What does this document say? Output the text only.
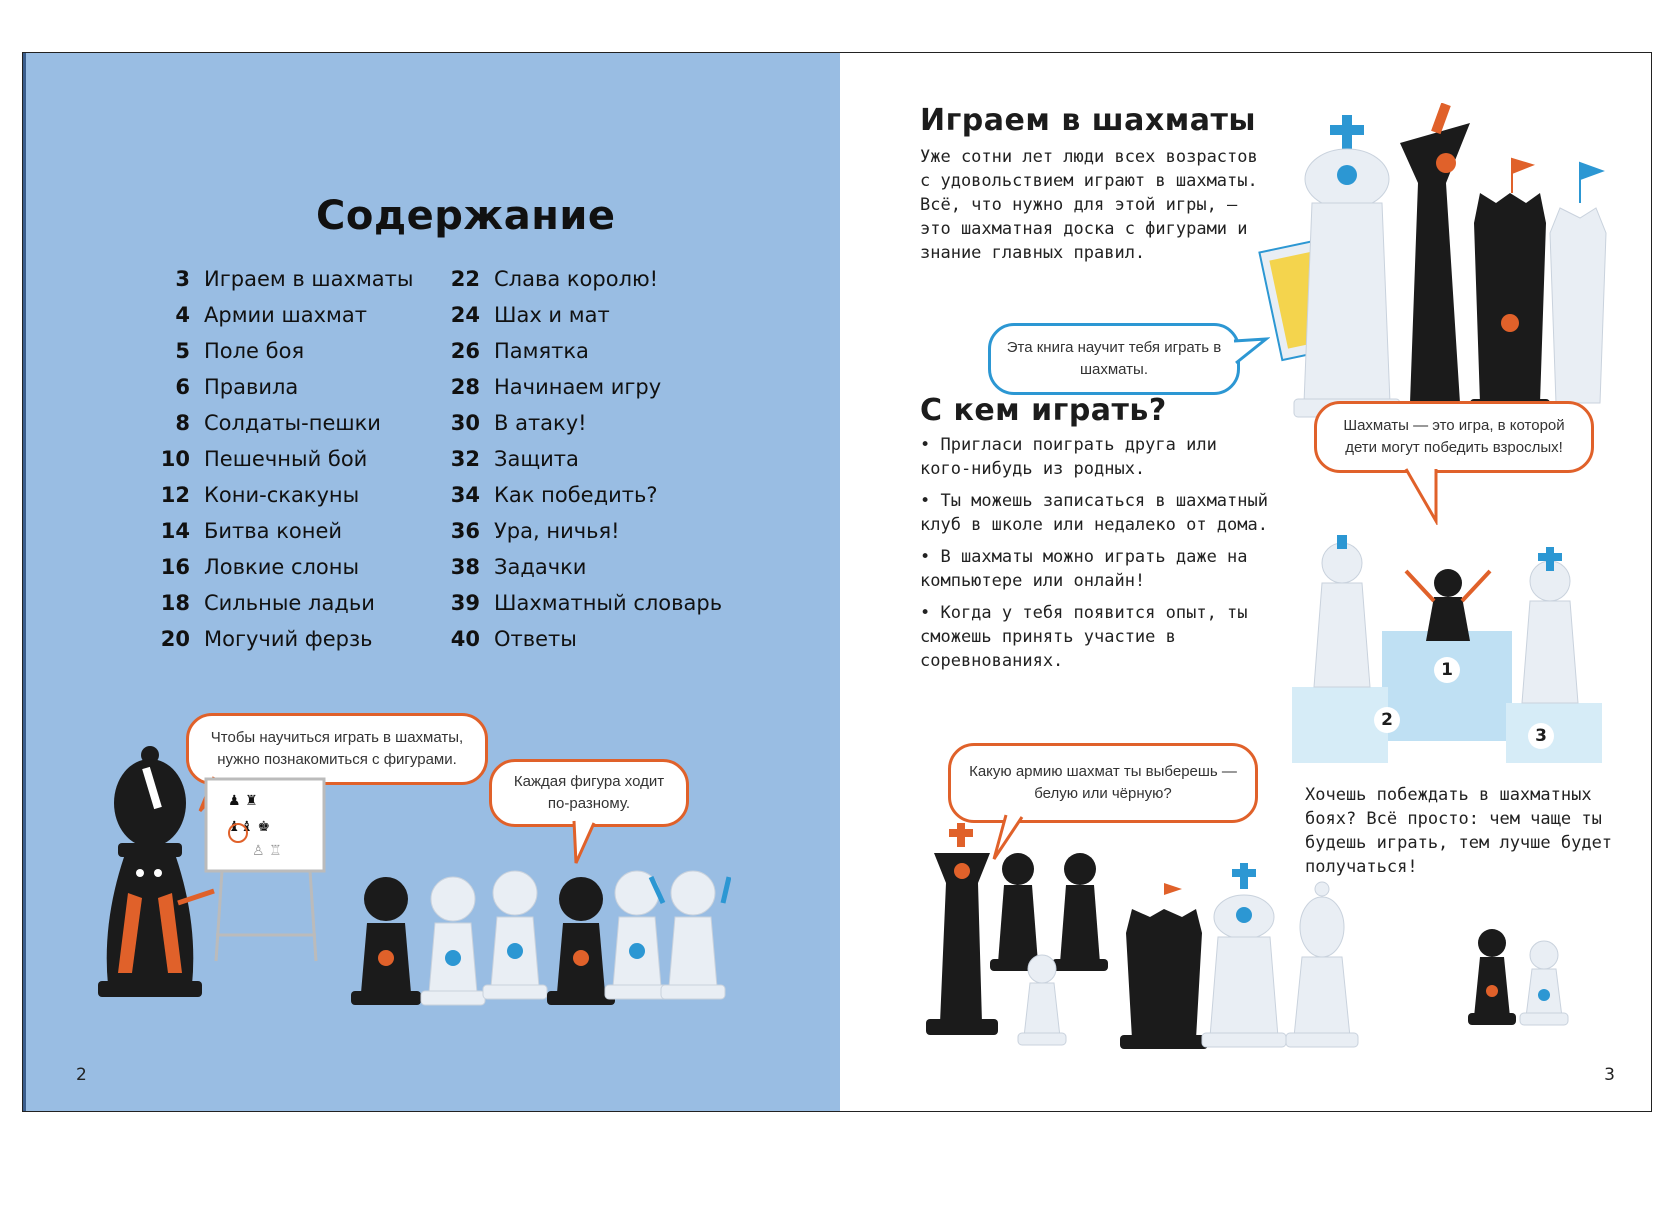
Содержание
3 Играем в шахматы
4 Армии шахмат
5 Поле боя
6 Правила
8 Солдаты-пешки
10 Пешечный бой
12 Кони-скакуны
14 Битва коней
16 Ловкие слоны
18 Сильные ладьи
20 Могучий ферзь
22 Слава королю!
24 Шах и мат
26 Памятка
28 Начинаем игру
30 В атаку!
32 Защита
34 Как победить?
36 Ура, ничья!
38 Задачки
39 Шахматный словарь
40 Ответы
Чтобы научиться играть в шахматы, нужно познакомиться с фигурами.
Каждая фигура ходит по-разному.
♟ ♜
♝♝ ♚
♙ ♖
2
Играем в шахматы
Уже сотни лет люди всех возрастов с удовольствием играют в шахматы. Всё, что нужно для этой игры, — это шахматная доска с фигурами и знание главных правил.
Эта книга научит тебя играть в шахматы.
С кем играть?
• Пригласи поиграть друга или кого-нибудь из родных.
• Ты можешь записаться в шахматный клуб в школе или недалеко от дома.
• В шахматы можно играть даже на компьютере или онлайн!
• Когда у тебя появится опыт, ты сможешь принять участие в соревнованиях.
Шахматы — это игра, в которой дети могут победить взрослых!
1
2
3
Какую армию шахмат ты выберешь — белую или чёрную?	Хочешь побеждать в шахматных боях? Всё просто: чем чаще ты будешь играть, тем лучше будет получаться!
3
